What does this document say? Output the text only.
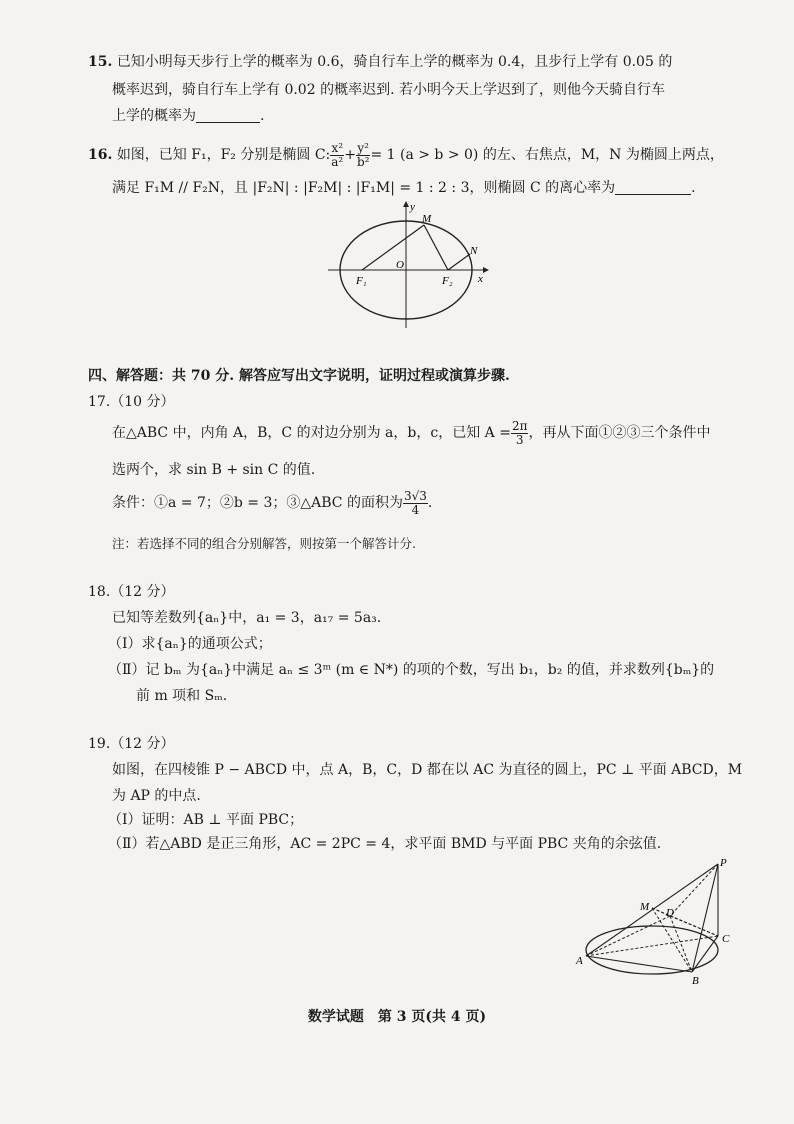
15. 已知小明每天步行上学的概率为 0.6，骑自行车上学的概率为 0.4，且步行上学有 0.05 的
概率迟到，骑自行车上学有 0.02 的概率迟到. 若小明今天上学迟到了，则他今天骑自行车
上学的概率为	.
16. 如图，已知 F₁，F₂ 分别是椭圆 C: $\frac{\text{x²}}{\text{a²}} + \frac{\text{y²}}{\text{b²}} = 1$ (a > b > 0) 的左、右焦点，M，N 为椭圆上两点，
满足 F₁M // F₂N，且 |F₂N| : |F₂M| : |F₁M| = 1 : 2 : 3，则椭圆 C 的离心率为	.
y
x
O
M
N
F₁	F₂
四、解答题：共 70 分. 解答应写出文字说明，证明过程或演算步骤.
17.（10 分）
在△ABC 中，内角 A，B，C 的对边分别为 a，b，c，已知 $A = \frac{2\pi}{3}$ ，再从下面①②③三个条件中
选两个，求 sin B + sin C 的值.
条件：①a = 7；②b = 3；③△ABC 的面积为 $\frac{3√3}{4}$ .
注：若选择不同的组合分别解答，则按第一个解答计分.
18.（12 分）
已知等差数列{aₙ}中，a₁ = 3，a₁₇ = 5a₃.
（Ⅰ）求{aₙ}的通项公式；
（Ⅱ）记 bₘ 为{aₙ}中满足 aₙ ≤ 3ᵐ (m ∈ N*) 的项的个数，写出 b₁，b₂ 的值，并求数列{bₘ}的
前 m 项和 Sₘ.
19.（12 分）
如图，在四棱锥 P − ABCD 中，点 A，B，C，D 都在以 AC 为直径的圆上，PC ⊥ 平面 ABCD，M
为 AP 的中点.
（Ⅰ）证明：AB ⊥ 平面 PBC；
（Ⅱ）若△ABD 是正三角形，AC = 2PC = 4，求平面 BMD 与平面 PBC 夹角的余弦值.
P
M D
C
A
B
数学试题　第 3 页(共 4 页)
